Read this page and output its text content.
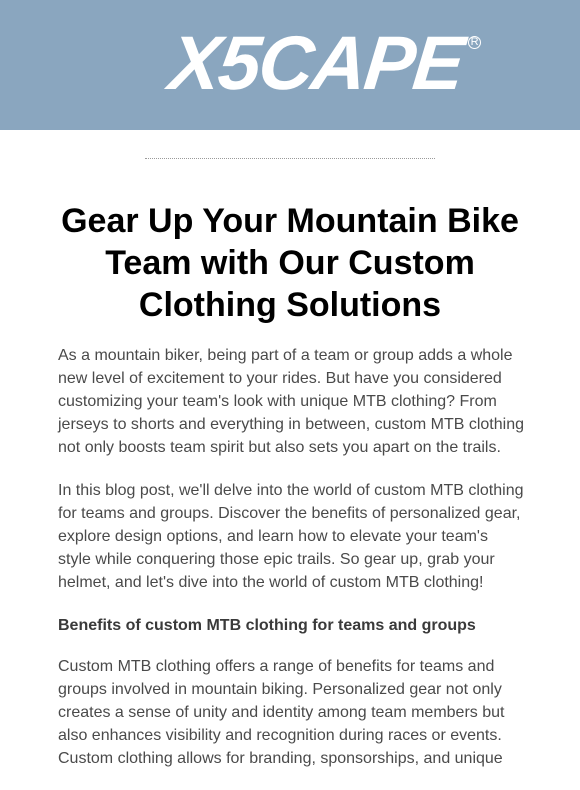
X5CAPE R
Gear Up Your Mountain Bike Team with Our Custom Clothing Solutions

As a mountain biker, being part of a team or group adds a whole new level of excitement to your rides. But have you considered customizing your team's look with unique MTB clothing? From jerseys to shorts and everything in between, custom MTB clothing not only boosts team spirit but also sets you apart on the trails.

In this blog post, we'll delve into the world of custom MTB clothing for teams and groups. Discover the benefits of personalized gear, explore design options, and learn how to elevate your team's style while conquering those epic trails. So gear up, grab your helmet, and let's dive into the world of custom MTB clothing!

Benefits of custom MTB clothing for teams and groups

Custom MTB clothing offers a range of benefits for teams and groups involved in mountain biking. Personalized gear not only creates a sense of unity and identity among team members but also enhances visibility and recognition during races or events. Custom clothing allows for branding, sponsorships, and unique
